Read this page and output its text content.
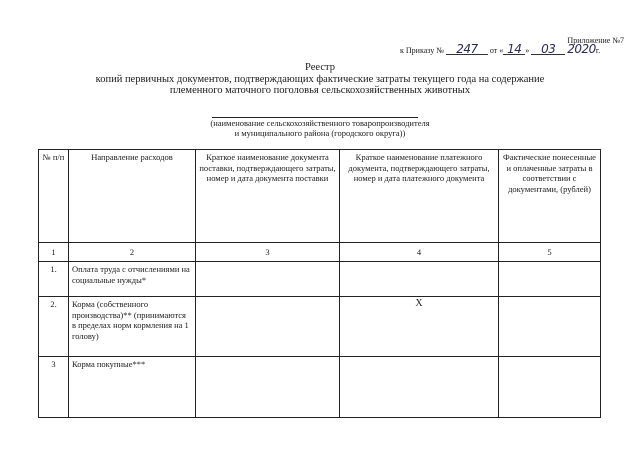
Приложение №7
к Приказу № 247 от « 14 » 03 2020г.
Реестр
копий первичных документов, подтверждающих фактические затраты текущего года на содержание
племенного маточного поголовья сельскохозяйственных животных
(наименование сельскохозяйственного товаропроизводителя
и муниципального района (городского округа))
№ п/п	Направление расходов	Краткое наименование документа поставки, подтверждающего затраты, номер и дата документа поставки	Краткое наименование платежного документа, подтверждающего затраты, номер и дата платежного документа	Фактические понесенные и оплаченные затраты в соответствии с документами, (рублей)
1	2	3	4	5
1.	Оплата труда с отчислениями на социальные нужды*			
2.	Корма (собственного производства)** (принимаются в пределах норм кормления на 1 голову)		Х	
3	Корма покупные***			
